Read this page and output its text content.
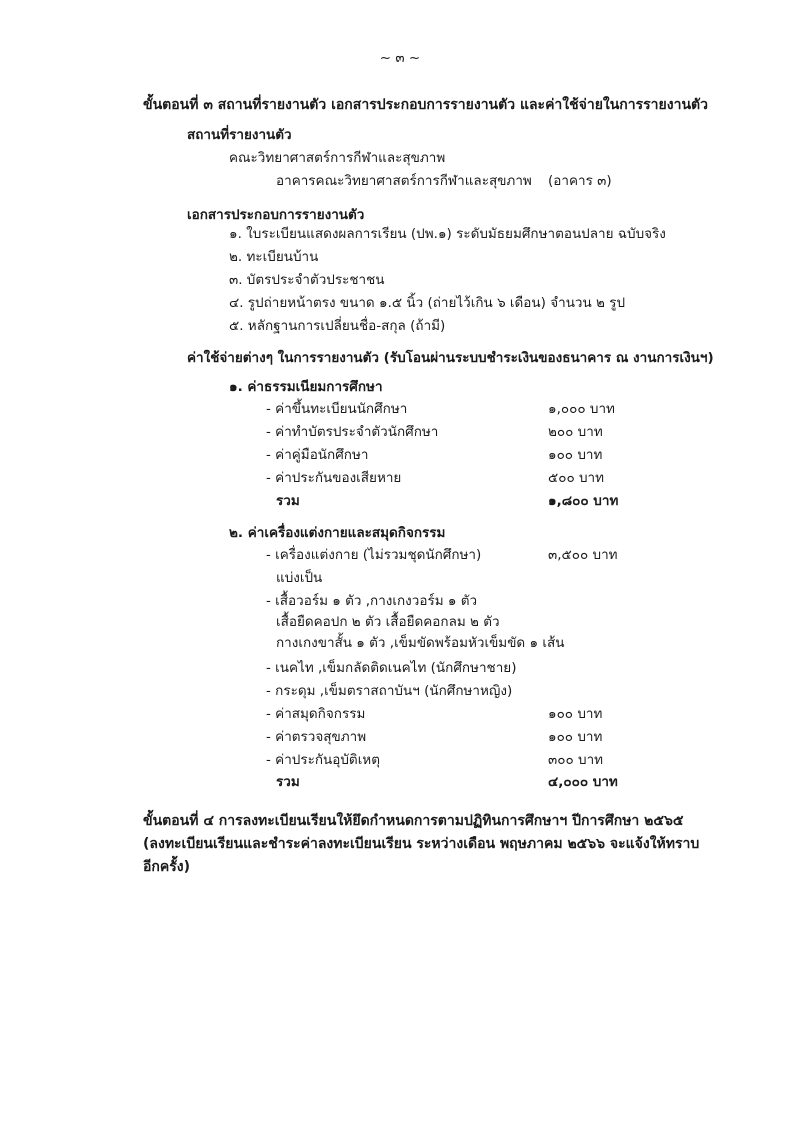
~ ๓ ~
ขั้นตอนที่ ๓ สถานที่รายงานตัว เอกสารประกอบการรายงานตัว และค่าใช้จ่ายในการรายงานตัว
สถานที่รายงานตัว
คณะวิทยาศาสตร์การกีฬาและสุขภาพ
อาคารคณะวิทยาศาสตร์การกีฬาและสุขภาพ (อาคาร ๓)
เอกสารประกอบการรายงานตัว
๑. ใบระเบียนแสดงผลการเรียน (ปพ.๑) ระดับมัธยมศึกษาตอนปลาย ฉบับจริง
๒. ทะเบียนบ้าน
๓. บัตรประจำตัวประชาชน
๔. รูปถ่ายหน้าตรง ขนาด ๑.๕ นิ้ว (ถ่ายไว้เกิน ๖ เดือน) จำนวน ๒ รูป
๕. หลักฐานการเปลี่ยนชื่อ-สกุล (ถ้ามี)
ค่าใช้จ่ายต่างๆ ในการรายงานตัว (รับโอนผ่านระบบชำระเงินของธนาคาร ณ งานการเงินฯ)
๑. ค่าธรรมเนียมการศึกษา
- ค่าขึ้นทะเบียนนักศึกษา	๑,๐๐๐ บาท
- ค่าทำบัตรประจำตัวนักศึกษา	๒๐๐ บาท
- ค่าคู่มือนักศึกษา	๑๐๐ บาท
- ค่าประกันของเสียหาย	๕๐๐ บาท
รวม	๑,๘๐๐ บาท
๒. ค่าเครื่องแต่งกายและสมุดกิจกรรม
- เครื่องแต่งกาย (ไม่รวมชุดนักศึกษา)	๓,๕๐๐ บาท
แบ่งเป็น
- เสื้อวอร์ม ๑ ตัว ,กางเกงวอร์ม ๑ ตัว
เสื้อยืดคอปก ๒ ตัว เสื้อยืดคอกลม ๒ ตัว
กางเกงขาสั้น ๑ ตัว ,เข็มขัดพร้อมหัวเข็มขัด ๑ เส้น
- เนคไท ,เข็มกลัดติดเนคไท (นักศึกษาชาย)
- กระดุม ,เข็มตราสถาบันฯ (นักศึกษาหญิง)
- ค่าสมุดกิจกรรม	๑๐๐ บาท
- ค่าตรวจสุขภาพ	๑๐๐ บาท
- ค่าประกันอุบัติเหตุ	๓๐๐ บาท
รวม	๔,๐๐๐ บาท
ขั้นตอนที่ ๔ การลงทะเบียนเรียนให้ยึดกำหนดการตามปฏิทินการศึกษาฯ ปีการศึกษา ๒๕๖๕
(ลงทะเบียนเรียนและชำระค่าลงทะเบียนเรียน ระหว่างเดือน พฤษภาคม ๒๕๖๖ จะแจ้งให้ทราบ
อีกครั้ง)
